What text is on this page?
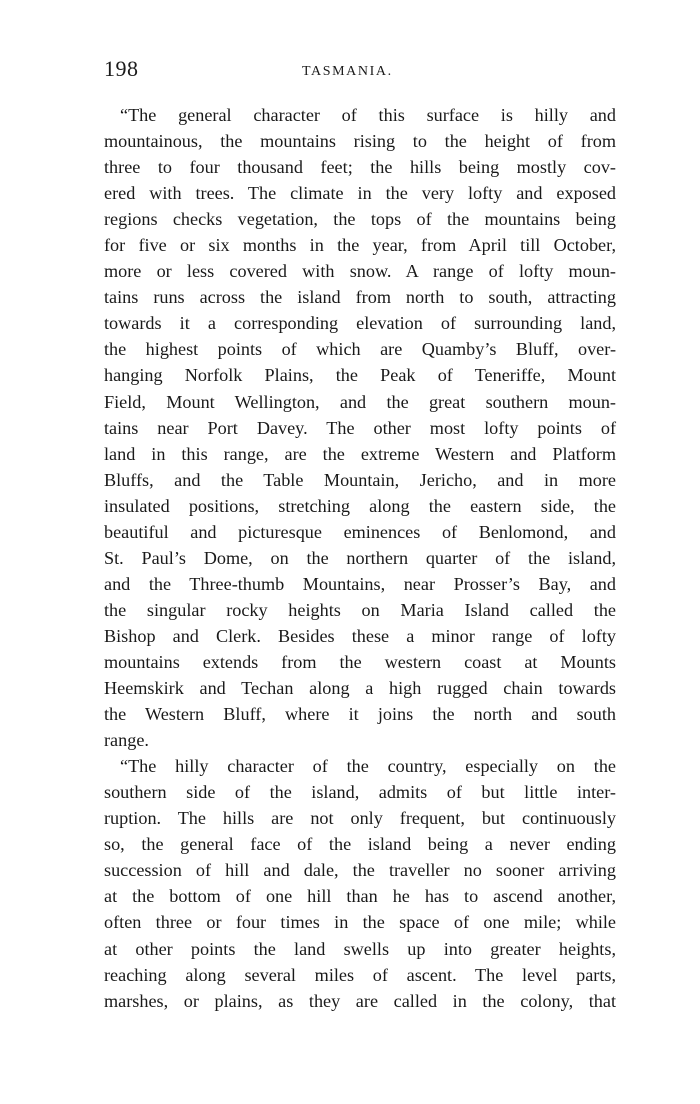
198	TASMANIA.
“The general character of this surface is hilly and
mountainous, the mountains rising to the height of from
three to four thousand feet; the hills being mostly cov-
ered with trees. The climate in the very lofty and exposed
regions checks vegetation, the tops of the mountains being
for five or six months in the year, from April till October,
more or less covered with snow. A range of lofty moun-
tains runs across the island from north to south, attracting
towards it a corresponding elevation of surrounding land,
the highest points of which are Quamby’s Bluff, over-
hanging Norfolk Plains, the Peak of Teneriffe, Mount
Field, Mount Wellington, and the great southern moun-
tains near Port Davey. The other most lofty points of
land in this range, are the extreme Western and Platform
Bluffs, and the Table Mountain, Jericho, and in more
insulated positions, stretching along the eastern side, the
beautiful and picturesque eminences of Benlomond, and
St. Paul’s Dome, on the northern quarter of the island,
and the Three-thumb Mountains, near Prosser’s Bay, and
the singular rocky heights on Maria Island called the
Bishop and Clerk. Besides these a minor range of lofty
mountains extends from the western coast at Mounts
Heemskirk and Techan along a high rugged chain towards
the Western Bluff, where it joins the north and south
range.
“The hilly character of the country, especially on the
southern side of the island, admits of but little inter-
ruption. The hills are not only frequent, but continuously
so, the general face of the island being a never ending
succession of hill and dale, the traveller no sooner arriving
at the bottom of one hill than he has to ascend another,
often three or four times in the space of one mile; while
at other points the land swells up into greater heights,
reaching along several miles of ascent. The level parts,
marshes, or plains, as they are called in the colony, that
